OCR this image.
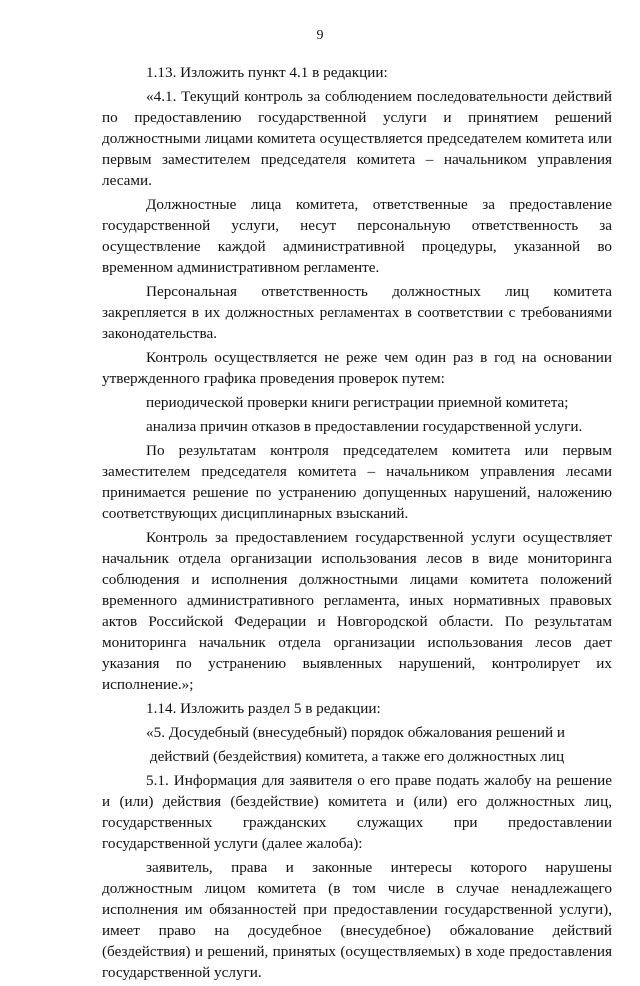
9

1.13. Изложить пункт 4.1 в редакции:

«4.1. Текущий контроль за соблюдением последовательности действий по предоставлению государственной услуги и принятием решений должностными лицами комитета осуществляется председателем комитета или первым заместителем председателя комитета – начальником управления лесами.

Должностные лица комитета, ответственные за предоставление государственной услуги, несут персональную ответственность за осуществление каждой административной процедуры, указанной во временном административном регламенте.

Персональная ответственность должностных лиц комитета закрепляется в их должностных регламентах в соответствии с требованиями законодательства.

Контроль осуществляется не реже чем один раз в год на основании утвержденного графика проведения проверок путем:

периодической проверки книги регистрации приемной комитета;

анализа причин отказов в предоставлении государственной услуги.

По результатам контроля председателем комитета или первым заместителем председателя комитета – начальником управления лесами принимается решение по устранению допущенных нарушений, наложению соответствующих дисциплинарных взысканий.

Контроль за предоставлением государственной услуги осуществляет начальник отдела организации использования лесов в виде мониторинга соблюдения и исполнения должностными лицами комитета положений временного административного регламента, иных нормативных правовых актов Российской Федерации и Новгородской области. По результатам мониторинга начальник отдела организации использования лесов дает указания по устранению выявленных нарушений, контролирует их исполнение.»;

1.14. Изложить раздел 5 в редакции:

«5. Досудебный (внесудебный) порядок обжалования решений и

действий (бездействия) комитета, а также его должностных лиц

5.1. Информация для заявителя о его праве подать жалобу на решение и (или) действия (бездействие) комитета и (или) его должностных лиц, государственных гражданских служащих при предоставлении государственной услуги (далее жалоба):

заявитель, права и законные интересы которого нарушены должностным лицом комитета (в том числе в случае ненадлежащего исполнения им обязанностей при предоставлении государственной услуги), имеет право на досудебное (внесудебное) обжалование действий (бездействия) и решений, принятых (осуществляемых) в ходе предоставления государственной услуги.
